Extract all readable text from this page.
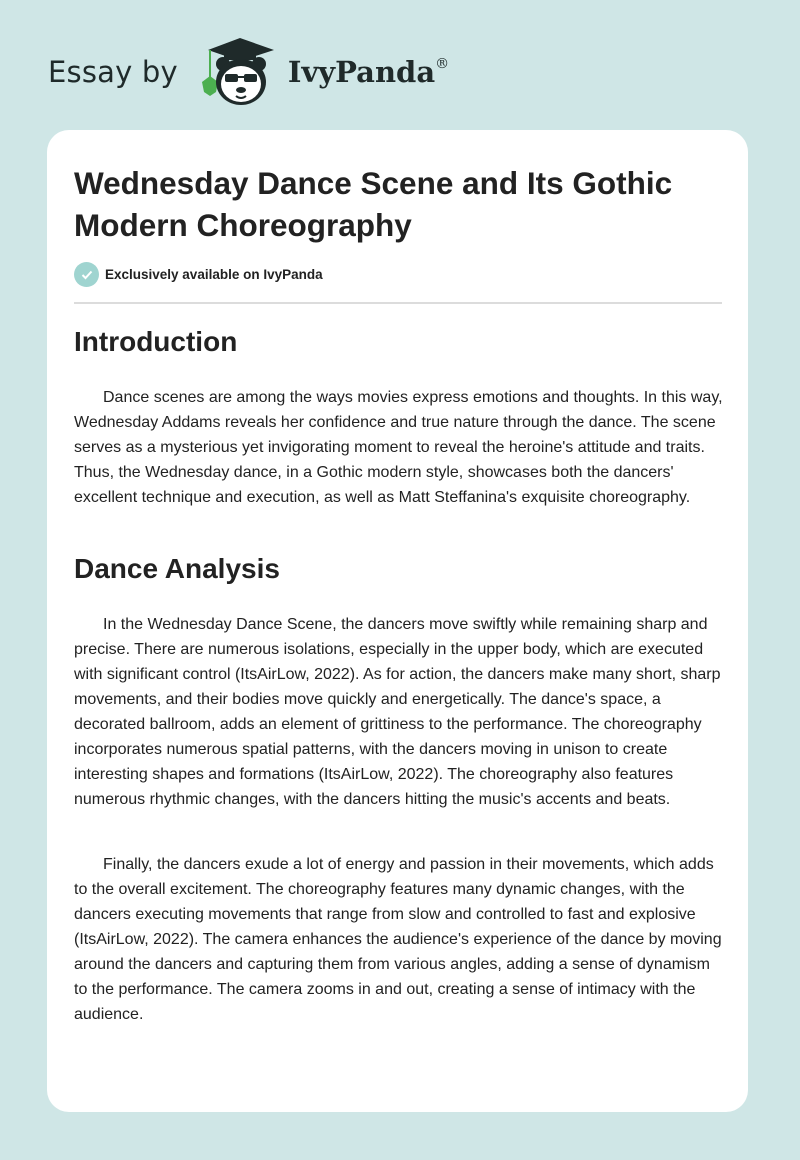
Essay by	IvyPanda®
Wednesday Dance Scene and Its Gothic Modern Choreography
Exclusively available on IvyPanda
Introduction

Dance scenes are among the ways movies express emotions and thoughts. In this way, Wednesday Addams reveals her confidence and true nature through the dance. The scene serves as a mysterious yet invigorating moment to reveal the heroine's attitude and traits. Thus, the Wednesday dance, in a Gothic modern style, showcases both the dancers' excellent technique and execution, as well as Matt Steffanina's exquisite choreography.

Dance Analysis

In the Wednesday Dance Scene, the dancers move swiftly while remaining sharp and precise. There are numerous isolations, especially in the upper body, which are executed with significant control (ItsAirLow, 2022). As for action, the dancers make many short, sharp movements, and their bodies move quickly and energetically. The dance's space, a decorated ballroom, adds an element of grittiness to the performance. The choreography incorporates numerous spatial patterns, with the dancers moving in unison to create interesting shapes and formations (ItsAirLow, 2022). The choreography also features numerous rhythmic changes, with the dancers hitting the music's accents and beats.

Finally, the dancers exude a lot of energy and passion in their movements, which adds to the overall excitement. The choreography features many dynamic changes, with the dancers executing movements that range from slow and controlled to fast and explosive (ItsAirLow, 2022). The camera enhances the audience's experience of the dance by moving around the dancers and capturing them from various angles, adding a sense of dynamism to the performance. The camera zooms in and out, creating a sense of intimacy with the audience.
